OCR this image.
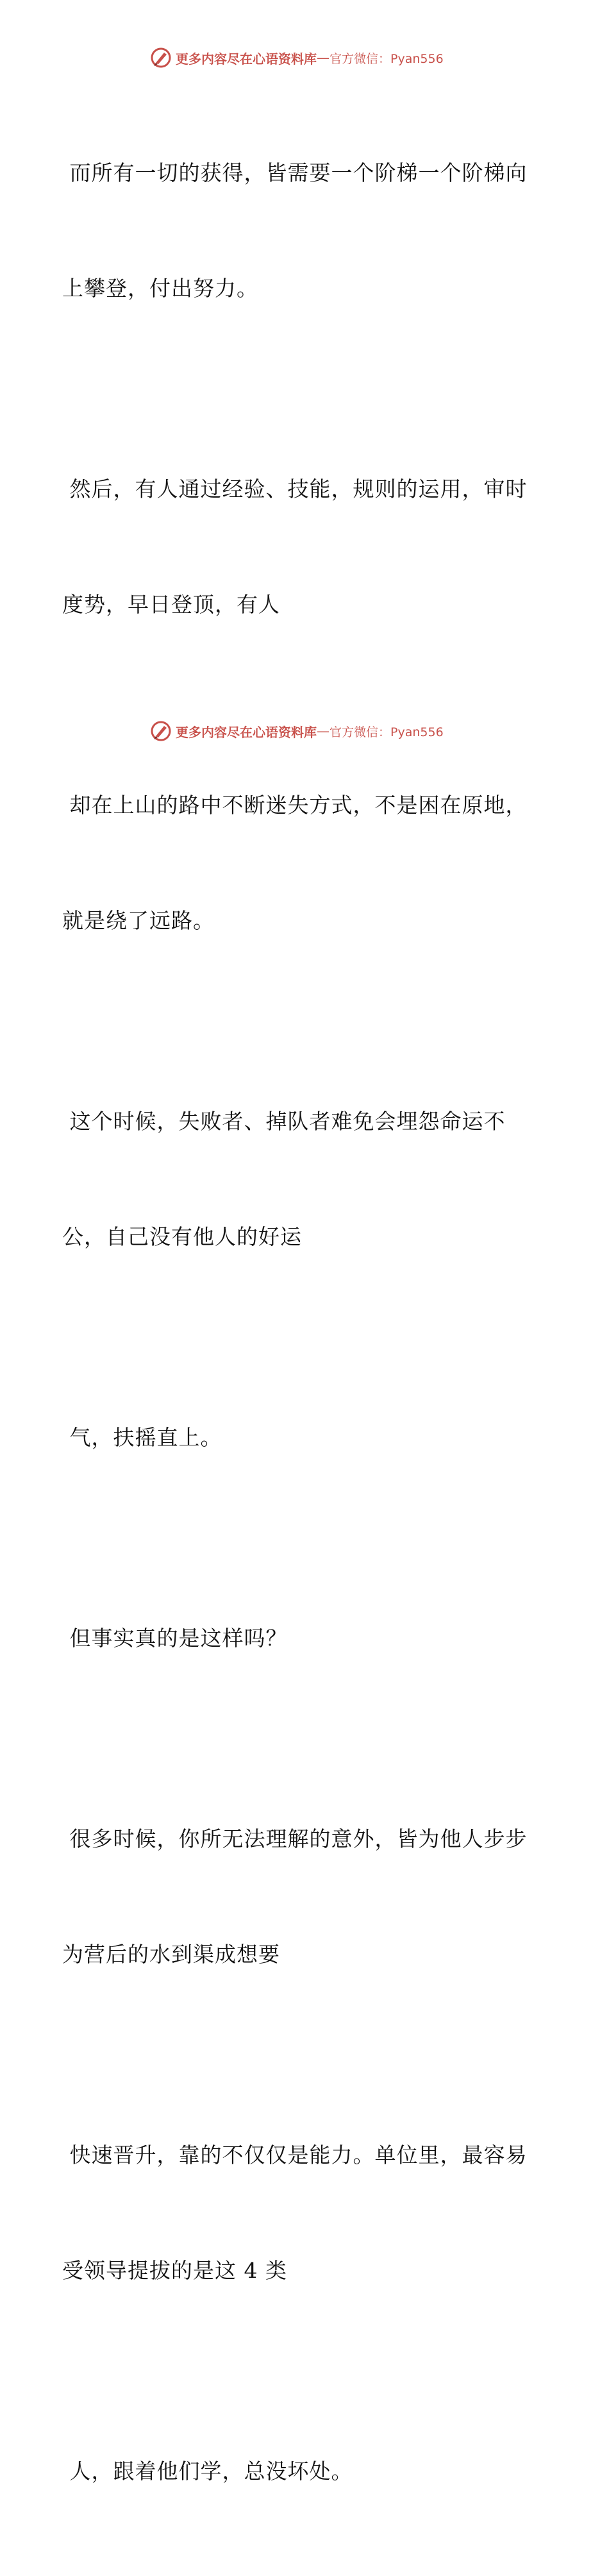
更多内容尽在心语资料库 — 官方微信：Pyan556

而所有一切的获得，皆需要一个阶梯一个阶梯向

上攀登，付出努力。

然后，有人通过经验、技能，规则的运用，审时

度势，早日登顶，有人

却在上山的路中不断迷失方式，不是困在原地，

就是绕了远路。

这个时候，失败者、掉队者难免会埋怨命运不

公，自己没有他人的好运

气，扶摇直上。

但事实真的是这样吗？

很多时候，你所无法理解的意外，皆为他人步步

为营后的水到渠成想要

快速晋升，靠的不仅仅是能力。单位里，最容易

受领导提拔的是这 4 类

人，跟着他们学，总没坏处。

更多内容尽在心语资料库 — 官方微信：Pyan556
